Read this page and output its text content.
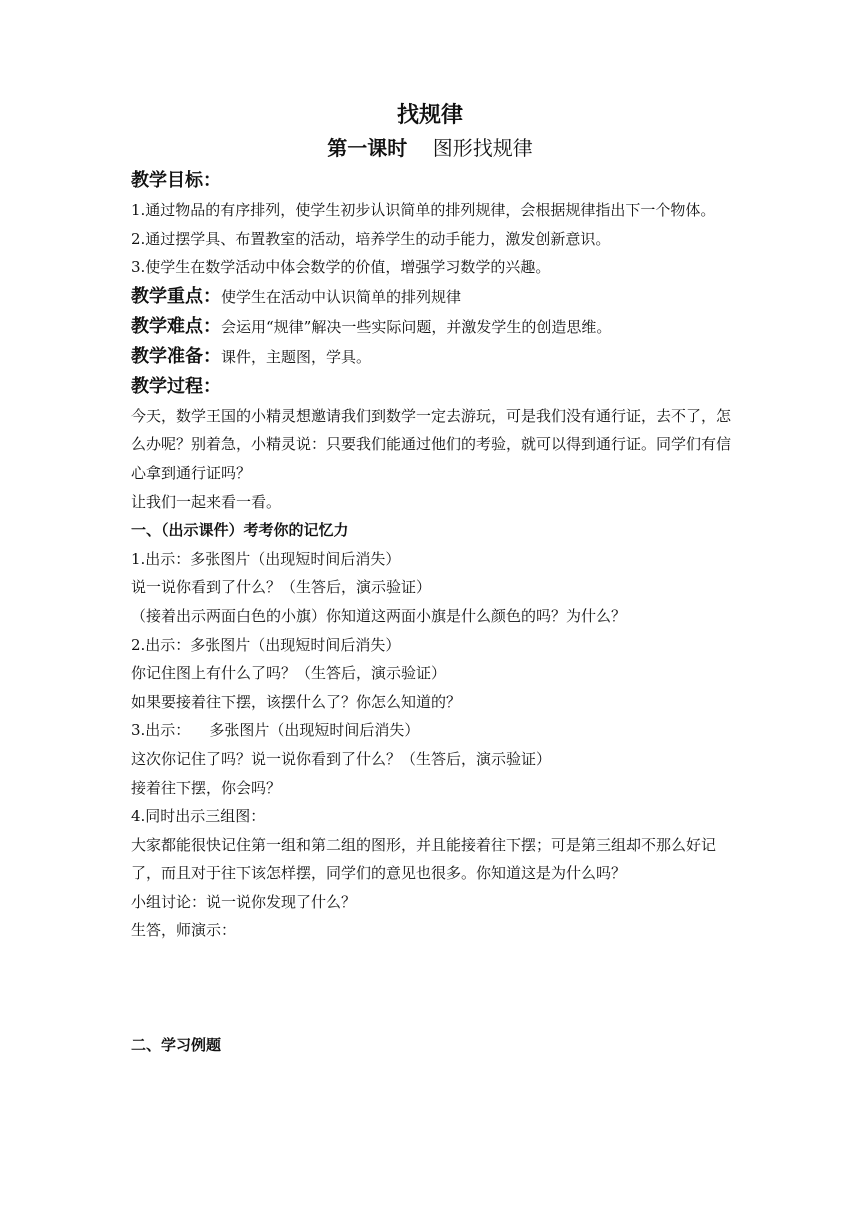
找规律
第一课时 图形找规律
教学目标：
1.通过物品的有序排列，使学生初步认识简单的排列规律，会根据规律指出下一个物体。
2.通过摆学具、布置教室的活动，培养学生的动手能力，激发创新意识。
3.使学生在数学活动中体会数学的价值，增强学习数学的兴趣。
教学重点：使学生在活动中认识简单的排列规律
教学难点：会运用“规律”解决一些实际问题，并激发学生的创造思维。
教学准备：课件，主题图，学具。
教学过程：
今天，数学王国的小精灵想邀请我们到数学一定去游玩，可是我们没有通行证，去不了，怎么办呢？别着急，小精灵说：只要我们能通过他们的考验，就可以得到通行证。同学们有信心拿到通行证吗？
让我们一起来看一看。
一、（出示课件）考考你的记忆力
1.出示：多张图片（出现短时间后消失）
说一说你看到了什么？（生答后，演示验证）
（接着出示两面白色的小旗）你知道这两面小旗是什么颜色的吗？为什么？
2.出示：多张图片（出现短时间后消失）
你记住图上有什么了吗？（生答后，演示验证）
如果要接着往下摆，该摆什么了？你怎么知道的？
3.出示：    多张图片（出现短时间后消失）
这次你记住了吗？说一说你看到了什么？（生答后，演示验证）
接着往下摆，你会吗？
4.同时出示三组图：
大家都能很快记住第一组和第二组的图形，并且能接着往下摆；可是第三组却不那么好记了，而且对于往下该怎样摆，同学们的意见也很多。你知道这是为什么吗？
小组讨论：说一说你发现了什么？
生答，师演示：
二、学习例题
